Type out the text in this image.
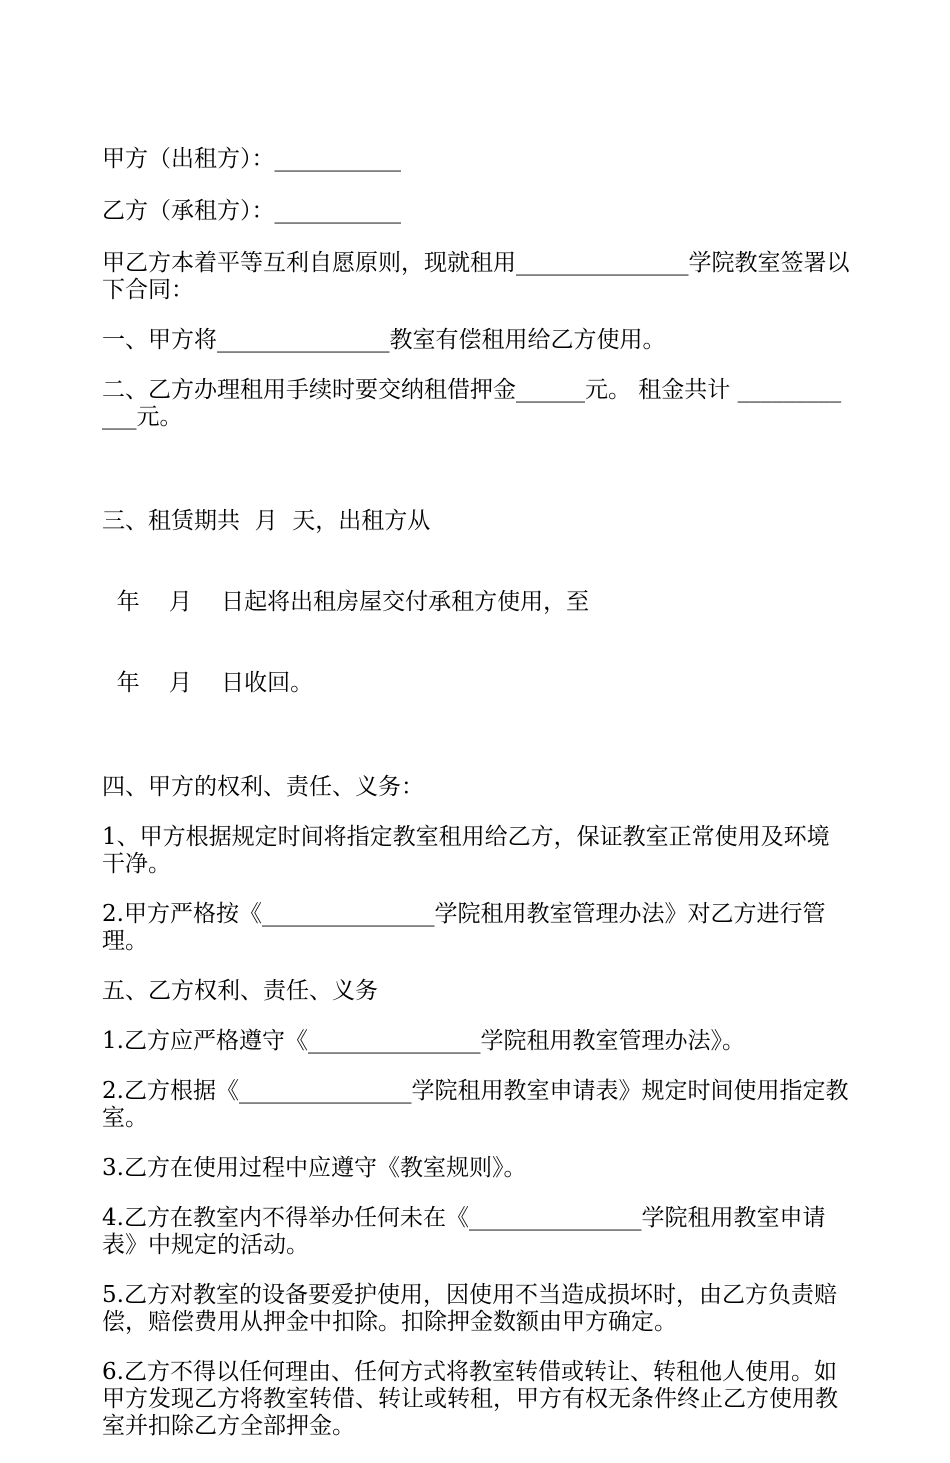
甲方（出租方）：___________

乙方（承租方）：___________

甲乙方本着平等互利自愿原则，现就租用_______________学院教室签署以下合同：

一、甲方将_______________教室有偿租用给乙方使用。

二、乙方办理租用手续时要交纳租借押金______元。 租金共计 ____________元。

三、租赁期共  月  天，出租方从

年    月    日起将出租房屋交付承租方使用，至

年    月    日收回。

四、甲方的权利、责任、义务：

1、甲方根据规定时间将指定教室租用给乙方，保证教室正常使用及环境干净。

2.甲方严格按《_______________学院租用教室管理办法》对乙方进行管理。

五、乙方权利、责任、义务

1.乙方应严格遵守《_______________学院租用教室管理办法》。

2.乙方根据《_______________学院租用教室申请表》规定时间使用指定教室。

3.乙方在使用过程中应遵守《教室规则》。

4.乙方在教室内不得举办任何未在《_______________学院租用教室申请表》中规定的活动。

5.乙方对教室的设备要爱护使用，因使用不当造成损坏时，由乙方负责赔偿，赔偿费用从押金中扣除。扣除押金数额由甲方确定。

6.乙方不得以任何理由、任何方式将教室转借或转让、转租他人使用。如甲方发现乙方将教室转借、转让或转租，甲方有权无条件终止乙方使用教室并扣除乙方全部押金。
